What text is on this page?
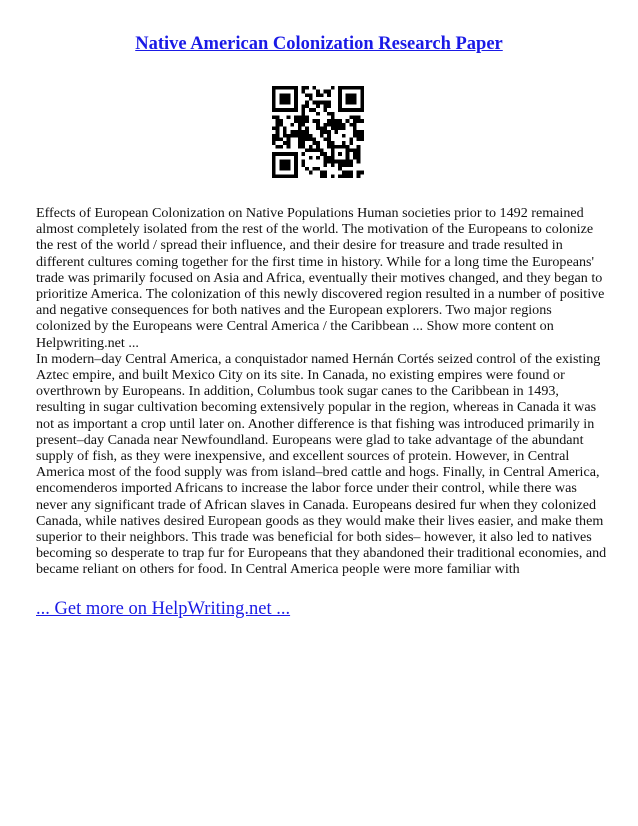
Native American Colonization Research Paper

Effects of European Colonization on Native Populations Human societies prior to 1492 remained almost completely isolated from the rest of the world. The motivation of the Europeans to colonize the rest of the world / spread their influence, and their desire for treasure and trade resulted in different cultures coming together for the first time in history. While for a long time the Europeans' trade was primarily focused on Asia and Africa, eventually their motives changed, and they began to prioritize America. The colonization of this newly discovered region resulted in a number of positive and negative consequences for both natives and the European explorers. Two major regions colonized by the Europeans were Central America / the Caribbean ... Show more content on Helpwriting.net ...

In modern–day Central America, a conquistador named Hernán Cortés seized control of the existing Aztec empire, and built Mexico City on its site. In Canada, no existing empires were found or overthrown by Europeans. In addition, Columbus took sugar canes to the Caribbean in 1493, resulting in sugar cultivation becoming extensively popular in the region, whereas in Canada it was not as important a crop until later on. Another difference is that fishing was introduced primarily in present–day Canada near Newfoundland. Europeans were glad to take advantage of the abundant supply of fish, as they were inexpensive, and excellent sources of protein. However, in Central America most of the food supply was from island–bred cattle and hogs. Finally, in Central America, encomenderos imported Africans to increase the labor force under their control, while there was never any significant trade of African slaves in Canada. Europeans desired fur when they colonized Canada, while natives desired European goods as they would make their lives easier, and make them superior to their neighbors. This trade was beneficial for both sides– however, it also led to natives becoming so desperate to trap fur for Europeans that they abandoned their traditional economies, and became reliant on others for food. In Central America people were more familiar with

... Get more on HelpWriting.net ...
